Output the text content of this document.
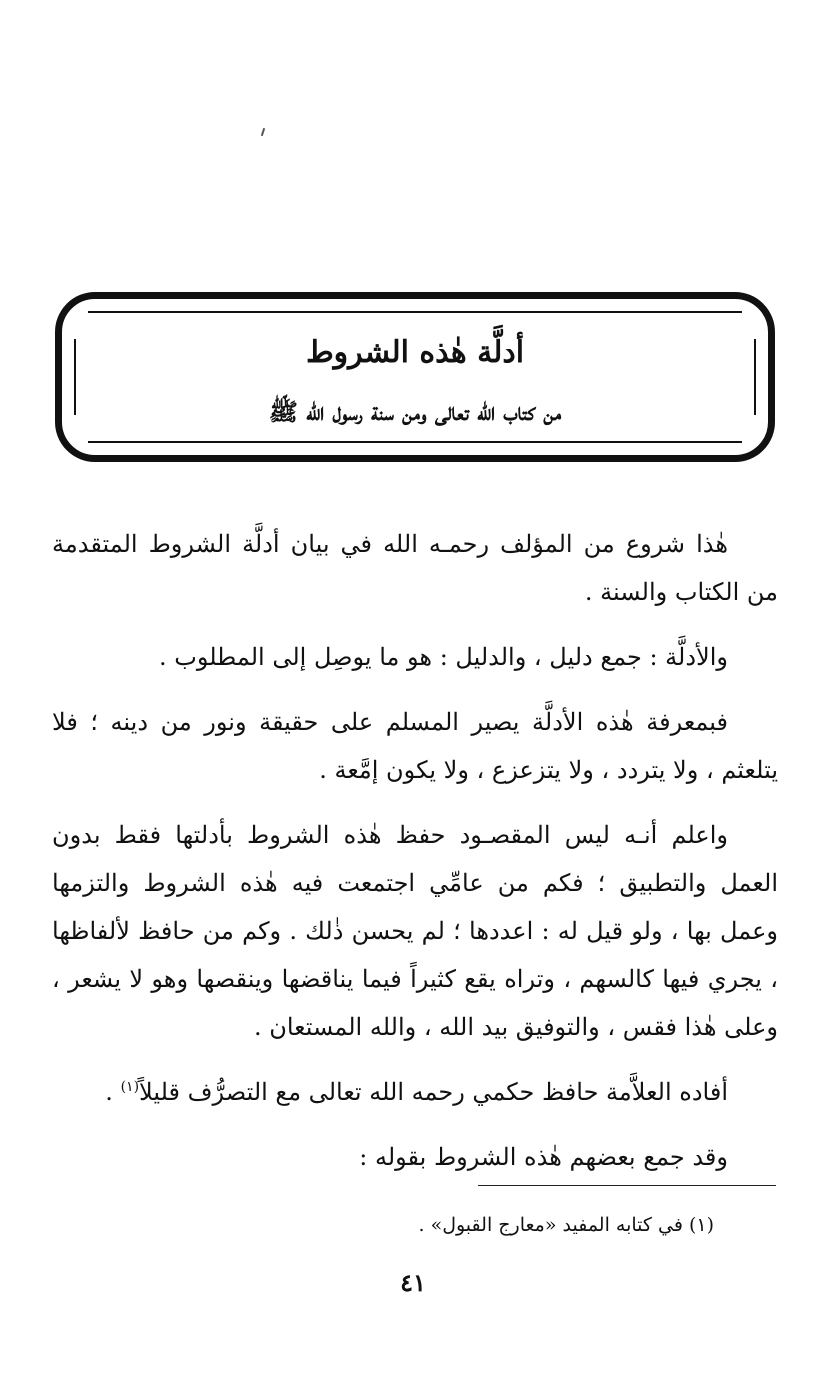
أدلَّة هٰذه الشروط
من كتاب الله تعالى ومن سنة رسول الله ﷺ

هٰذا شروع من المؤلف رحمـه الله في بيان أدلَّة الشروط المتقدمة من الكتاب والسنة .

والأدلَّة : جمع دليل ، والدليل : هو ما يوصِل إلى المطلوب .

فبمعرفة هٰذه الأدلَّة يصير المسلم على حقيقة ونور من دينه ؛ فلا يتلعثم ، ولا يتردد ، ولا يتزعزع ، ولا يكون إمَّعة .

واعلم أنـه ليس المقصـود حفظ هٰذه الشروط بأدلتها فقط بدون العمل والتطبيق ؛ فكم من عامِّي اجتمعت فيه هٰذه الشروط والتزمها وعمل بها ، ولو قيل له : اعددها ؛ لم يحسن ذٰلك . وكم من حافظ لألفاظها ، يجري فيها كالسهم ، وتراه يقع كثيراً فيما يناقضها وينقصها وهو لا يشعر ، وعلى هٰذا فقس ، والتوفيق بيد الله ، والله المستعان .

أفاده العلاَّمة حافظ حكمي رحمه الله تعالى مع التصرُّف قليلاً$^{(١)}$ .

وقد جمع بعضهم هٰذه الشروط بقوله :

(١) في كتابه المفيد «معارج القبول» .
٤١
